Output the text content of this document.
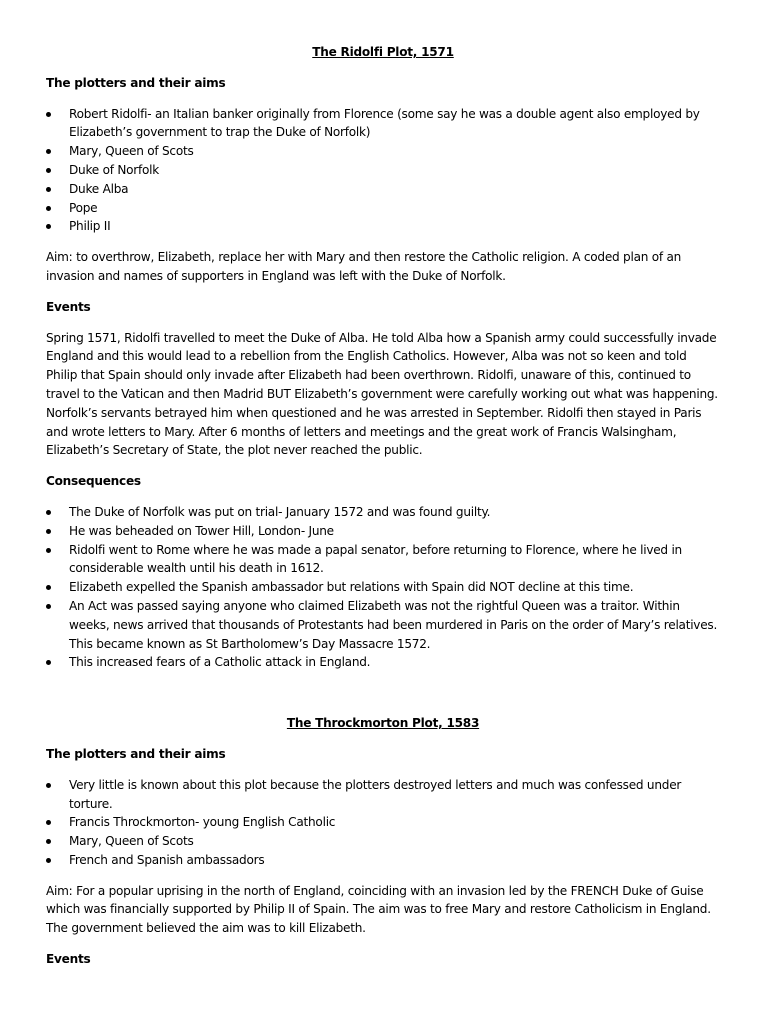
The Ridolfi Plot, 1571
The plotters and their aims
Robert Ridolfi- an Italian banker originally from Florence (some say he was a double agent also employed by Elizabeth’s government to trap the Duke of Norfolk)
Mary, Queen of Scots
Duke of Norfolk
Duke Alba
Pope
Philip II
Aim: to overthrow, Elizabeth, replace her with Mary and then restore the Catholic religion. A coded plan of an invasion and names of supporters in England was left with the Duke of Norfolk.
Events
Spring 1571, Ridolfi travelled to meet the Duke of Alba. He told Alba how a Spanish army could successfully invade England and this would lead to a rebellion from the English Catholics. However, Alba was not so keen and told Philip that Spain should only invade after Elizabeth had been overthrown. Ridolfi, unaware of this, continued to travel to the Vatican and then Madrid BUT Elizabeth’s government were carefully working out what was happening. Norfolk’s servants betrayed him when questioned and he was arrested in September. Ridolfi then stayed in Paris and wrote letters to Mary. After 6 months of letters and meetings and the great work of Francis Walsingham, Elizabeth’s Secretary of State, the plot never reached the public.
Consequences
The Duke of Norfolk was put on trial- January 1572 and was found guilty.
He was beheaded on Tower Hill, London- June
Ridolfi went to Rome where he was made a papal senator, before returning to Florence, where he lived in considerable wealth until his death in 1612.
Elizabeth expelled the Spanish ambassador but relations with Spain did NOT decline at this time.
An Act was passed saying anyone who claimed Elizabeth was not the rightful Queen was a traitor. Within weeks, news arrived that thousands of Protestants had been murdered in Paris on the order of Mary’s relatives. This became known as St Bartholomew’s Day Massacre 1572.
This increased fears of a Catholic attack in England.
The Throckmorton Plot, 1583
The plotters and their aims
Very little is known about this plot because the plotters destroyed letters and much was confessed under torture.
Francis Throckmorton- young English Catholic
Mary, Queen of Scots
French and Spanish ambassadors
Aim: For a popular uprising in the north of England, coinciding with an invasion led by the FRENCH Duke of Guise which was financially supported by Philip II of Spain. The aim was to free Mary and restore Catholicism in England. The government believed the aim was to kill Elizabeth.
Events
